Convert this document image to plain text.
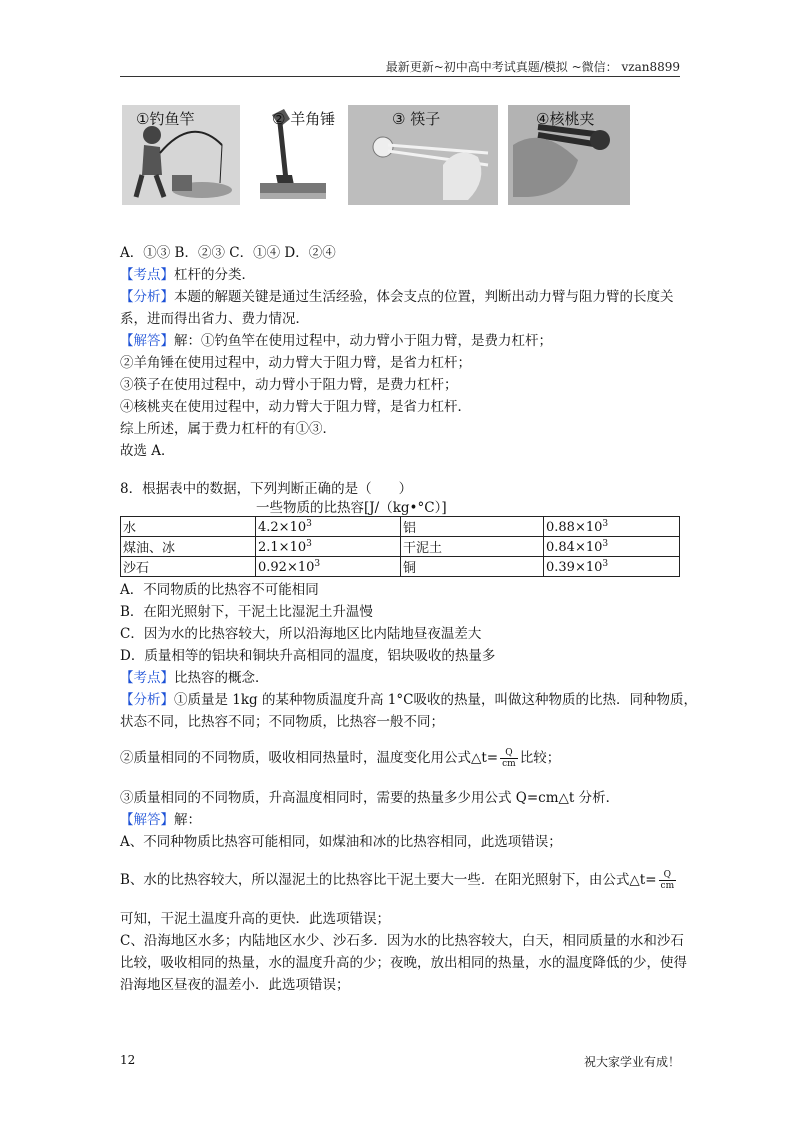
最新更新~初中高中考试真题/模拟 ~微信： vzan8899
①钓鱼竿	② 羊角锤	③ 筷子	④核桃夹
A．①③ B．②③ C．①④ D．②④
【考点】杠杆的分类．
【分析】本题的解题关键是通过生活经验，体会支点的位置，判断出动力臂与阻力臂的长度关
系，进而得出省力、费力情况．
【解答】解：①钓鱼竿在使用过程中，动力臂小于阻力臂，是费力杠杆；
②羊角锤在使用过程中，动力臂大于阻力臂，是省力杠杆；
③筷子在使用过程中，动力臂小于阻力臂，是费力杠杆；
④核桃夹在使用过程中，动力臂大于阻力臂，是省力杠杆．
综上所述，属于费力杠杆的有①③．
故选 A．
8．根据表中的数据，下列判断正确的是（　　）
一些物质的比热容[J/（kg•°C）]
水	$4.2\times 10^3$	铝	$0.88\times 10^3$
煤油、冰	$2.1\times 10^3$	干泥土	$0.84\times 10^3$
沙石	$0.92\times 10^3$	铜	$0.39\times 10^3$
A．不同物质的比热容不可能相同
B．在阳光照射下，干泥土比湿泥土升温慢
C．因为水的比热容较大，所以沿海地区比内陆地昼夜温差大
D．质量相等的铝块和铜块升高相同的温度，铝块吸收的热量多
【考点】比热容的概念．
【分析】①质量是 1kg 的某种物质温度升高 1°C吸收的热量，叫做这种物质的比热．同种物质，
状态不同，比热容不同；不同物质，比热容一般不同；
②质量相同的不同物质，吸收相同热量时，温度变化用公式△t= $\frac{Q}{cm}$ 比较；
③质量相同的不同物质，升高温度相同时，需要的热量多少用公式 Q=cm△t 分析．
【解答】解：
A、不同种物质比热容可能相同，如煤油和冰的比热容相同，此选项错误；
B、水的比热容较大，所以湿泥土的比热容比干泥土要大一些．在阳光照射下，由公式△t= $\frac{Q}{cm}$
可知，干泥土温度升高的更快．此选项错误；
C、沿海地区水多；内陆地区水少、沙石多．因为水的比热容较大，白天，相同质量的水和沙石
比较，吸收相同的热量，水的温度升高的少；夜晚，放出相同的热量，水的温度降低的少，使得
沿海地区昼夜的温差小．此选项错误；
12	祝大家学业有成！
